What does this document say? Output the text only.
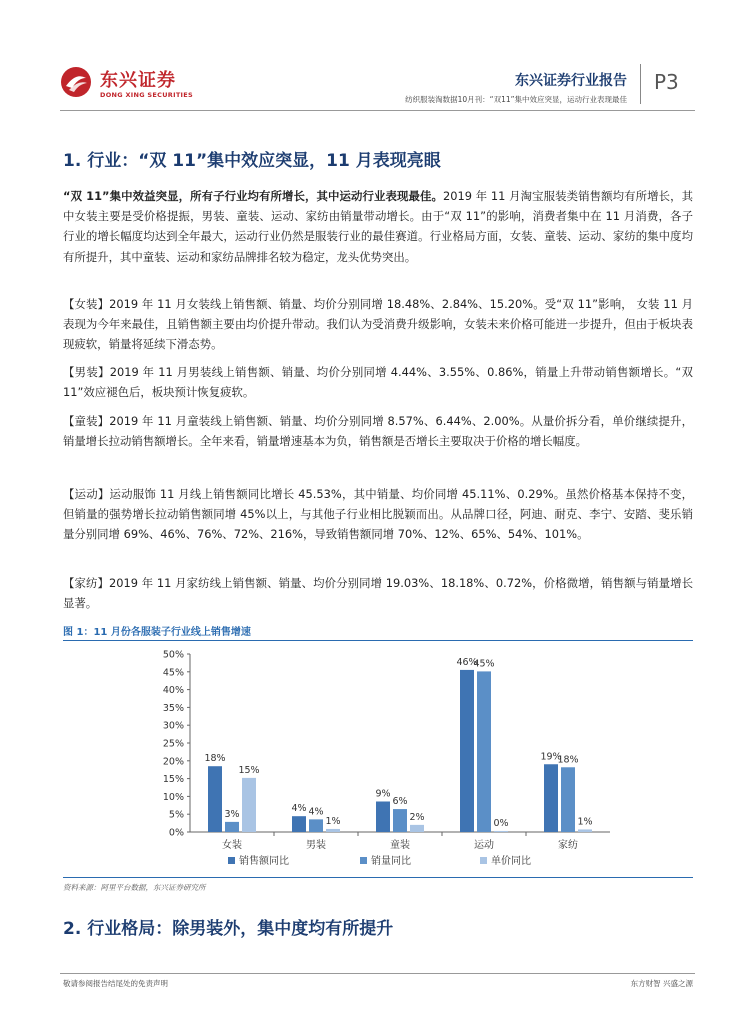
东兴证券
DONG XING SECURITIES
东兴证券行业报告
纺织服装淘数据10月刊：“双11”集中效应突显，运动行业表现最佳
P3
1. 行业：“双 11”集中效应突显，11 月表现亮眼
“双 11”集中效益突显，所有子行业均有所增长，其中运动行业表现最佳。2019 年 11 月淘宝服装类销售额均有所增长，其中女装主要是受价格提振，男装、童装、运动、家纺由销量带动增长。由于“双 11”的影响，消费者集中在 11 月消费，各子行业的增长幅度均达到全年最大，运动行业仍然是服装行业的最佳赛道。行业格局方面，女装、童装、运动、家纺的集中度均有所提升，其中童装、运动和家纺品牌排名较为稳定，龙头优势突出。
【女装】2019 年 11 月女装线上销售额、销量、均价分别同增 18.48%、2.84%、15.20%。受“双 11”影响， 女装 11 月表现为今年来最佳，且销售额主要由均价提升带动。我们认为受消费升级影响，女装未来价格可能进一步提升，但由于板块表现疲软，销量将延续下滑态势。
【男装】2019 年 11 月男装线上销售额、销量、均价分别同增 4.44%、3.55%、0.86%，销量上升带动销售额增长。“双 11”效应褪色后，板块预计恢复疲软。
【童装】2019 年 11 月童装线上销售额、销量、均价分别同增 8.57%、6.44%、2.00%。从量价拆分看，单价继续提升，销量增长拉动销售额增长。全年来看，销量增速基本为负，销售额是否增长主要取决于价格的增长幅度。
【运动】运动服饰 11 月线上销售额同比增长 45.53%，其中销量、均价同增 45.11%、0.29%。虽然价格基本保持不变，但销量的强势增长拉动销售额同增 45%以上，与其他子行业相比脱颖而出。从品牌口径，阿迪、耐克、李宁、安踏、斐乐销量分别同增 69%、46%、76%、72%、216%，导致销售额同增 70%、12%、65%、54%、101%。
【家纺】2019 年 11 月家纺线上销售额、销量、均价分别同增 19.03%、18.18%、0.72%，价格微增，销售额与销量增长显著。
图 1：11 月份各服装子行业线上销售增速
0%
5%
10%
15%
20%
25%
30%
35%
40%
45%
50%
18%
3%
15%
女装
4% 4%
1%
男装
9%
6%
2%
童装
46%
45%
0%
运动
19%
18%
1%
家纺
销售额同比	销量同比	单价同比
资料来源：阿里平台数据，东兴证券研究所
2. 行业格局：除男装外，集中度均有所提升
敬请参阅报告结尾处的免责声明	东方财智 兴盛之源
